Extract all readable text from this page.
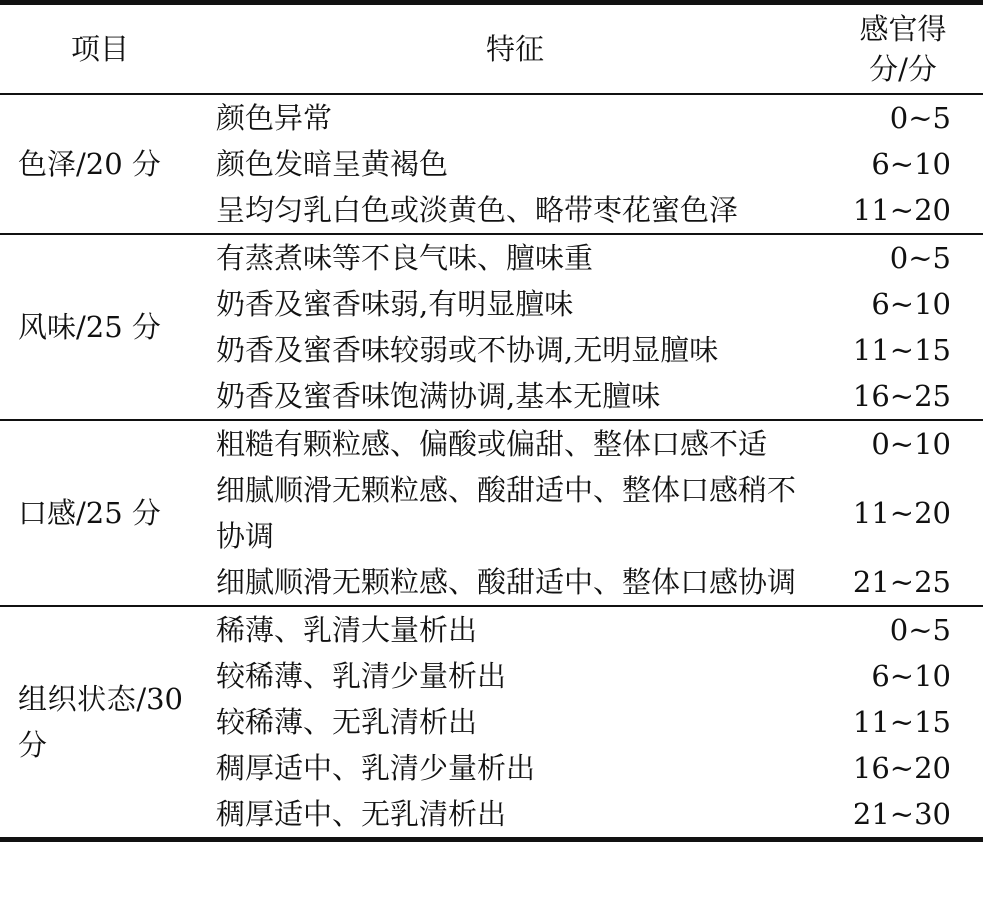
项目	特征	感官得分/分
色泽/20 分	颜色异常	0~5
	颜色发暗呈黄褐色	6~10
	呈均匀乳白色或淡黄色、略带枣花蜜色泽	11~20
风味/25 分	有蒸煮味等不良气味、膻味重	0~5
	奶香及蜜香味弱,有明显膻味	6~10
	奶香及蜜香味较弱或不协调,无明显膻味	11~15
	奶香及蜜香味饱满协调,基本无膻味	16~25
口感/25 分	粗糙有颗粒感、偏酸或偏甜、整体口感不适	0~10
	细腻顺滑无颗粒感、酸甜适中、整体口感稍不协调	11~20
	细腻顺滑无颗粒感、酸甜适中、整体口感协调	21~25

组织状态/30 分	稀薄、乳清大量析出	0~5
	较稀薄、乳清少量析出	6~10
	较稀薄、无乳清析出	11~15
	稠厚适中、乳清少量析出	16~20
	稠厚适中、无乳清析出	21~30
